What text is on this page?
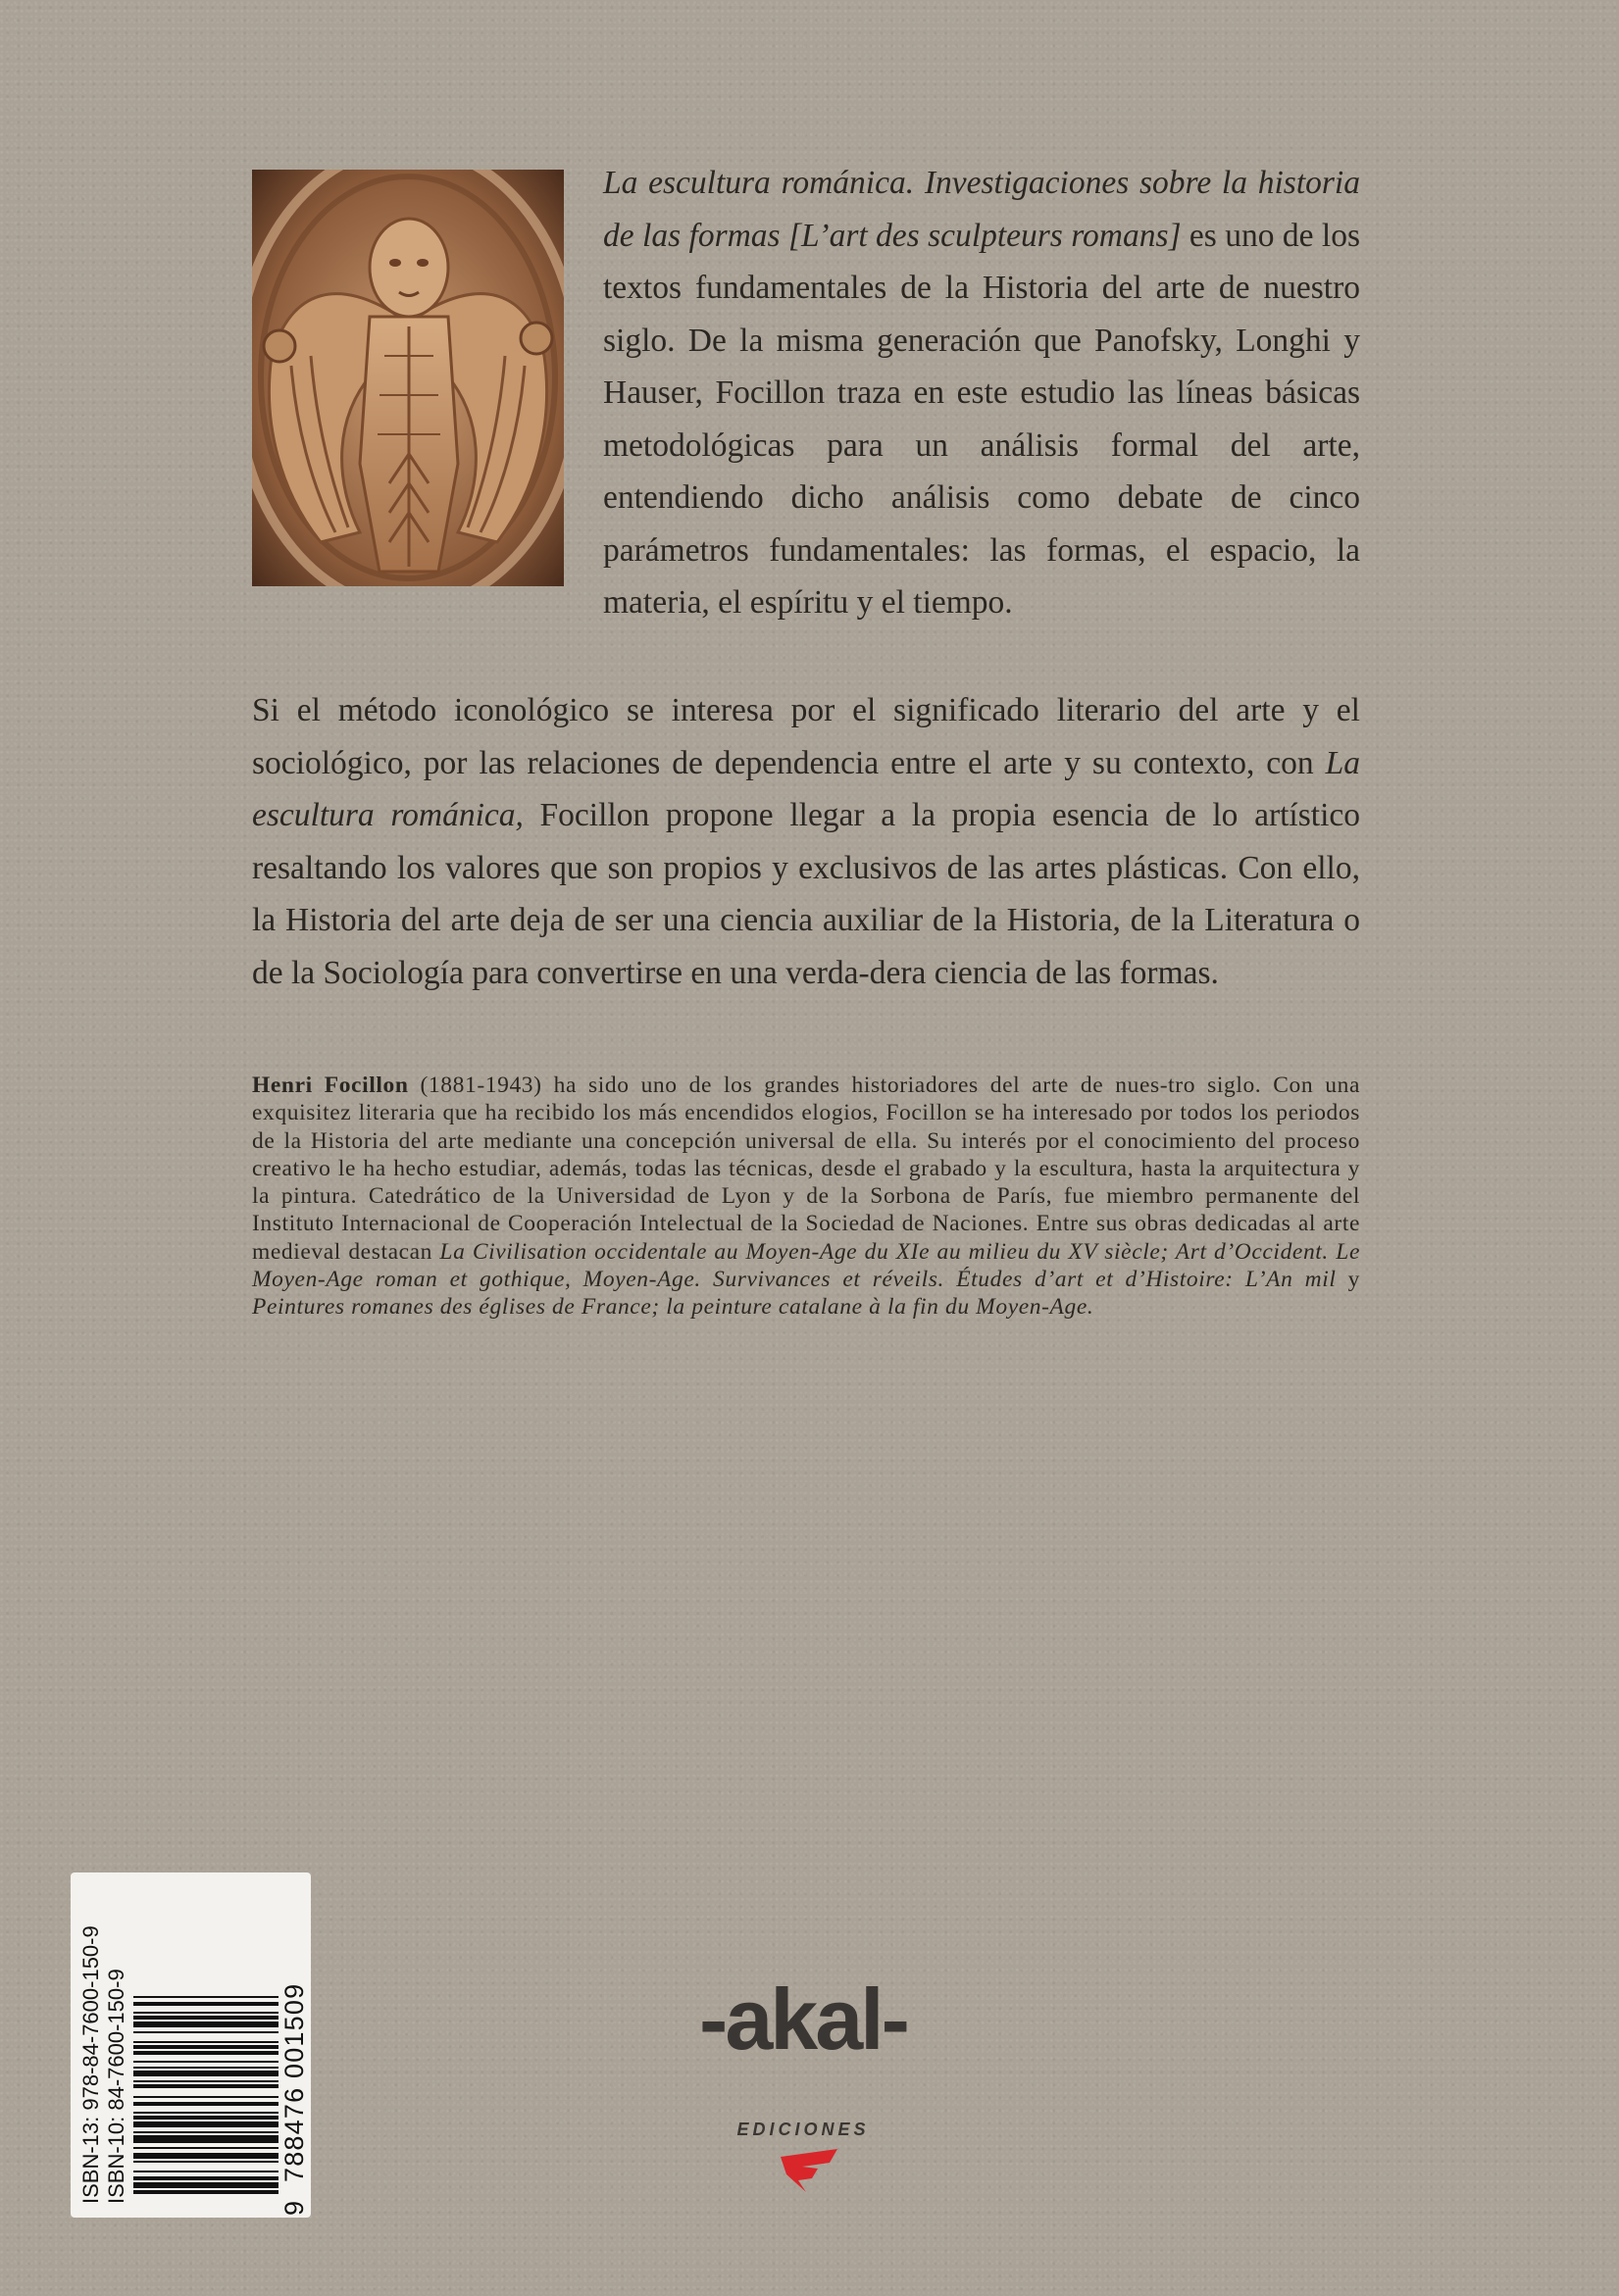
La escultura románica. Investigaciones sobre la historia de las formas [L’art des sculpteurs romans] es uno de los textos fundamentales de la Historia del arte de nuestro siglo. De la misma generación que Panofsky, Longhi y Hauser, Focillon traza en este estudio las líneas básicas metodológicas para un análisis formal del arte, entendiendo dicho análisis como debate de cinco parámetros fundamentales: las formas, el espacio, la materia, el espíritu y el tiempo.

Si el método iconológico se interesa por el significado literario del arte y el sociológico, por las relaciones de dependencia entre el arte y su contexto, con La escultura románica, Focillon propone llegar a la propia esencia de lo artístico resaltando los valores que son propios y exclusivos de las artes plásticas. Con ello, la Historia del arte deja de ser una ciencia auxiliar de la Historia, de la Literatura o de la Sociología para convertirse en una verda-dera ciencia de las formas.

Henri Focillon (1881-1943) ha sido uno de los grandes historiadores del arte de nues-tro siglo. Con una exquisitez literaria que ha recibido los más encendidos elogios, Focillon se ha interesado por todos los periodos de la Historia del arte mediante una concepción universal de ella. Su interés por el conocimiento del proceso creativo le ha hecho estudiar, además, todas las técnicas, desde el grabado y la escultura, hasta la arquitectura y la pintura. Catedrático de la Universidad de Lyon y de la Sorbona de París, fue miembro permanente del Instituto Internacional de Cooperación Intelectual de la Sociedad de Naciones. Entre sus obras dedicadas al arte medieval destacan La Civilisation occidentale au Moyen-Age du XIe au milieu du XV siècle; Art d’Occident. Le Moyen-Age roman et gothique, Moyen-Age. Survivances et réveils. Études d’art et d’Histoire: L’An mil y Peintures romanes des églises de France; la peinture catalane à la fin du Moyen-Age.

ISBN-13: 978-84-7600-150-9 ISBN-10: 84-7600-150-9
9
788476 001509	-akal-
EDICIONES
